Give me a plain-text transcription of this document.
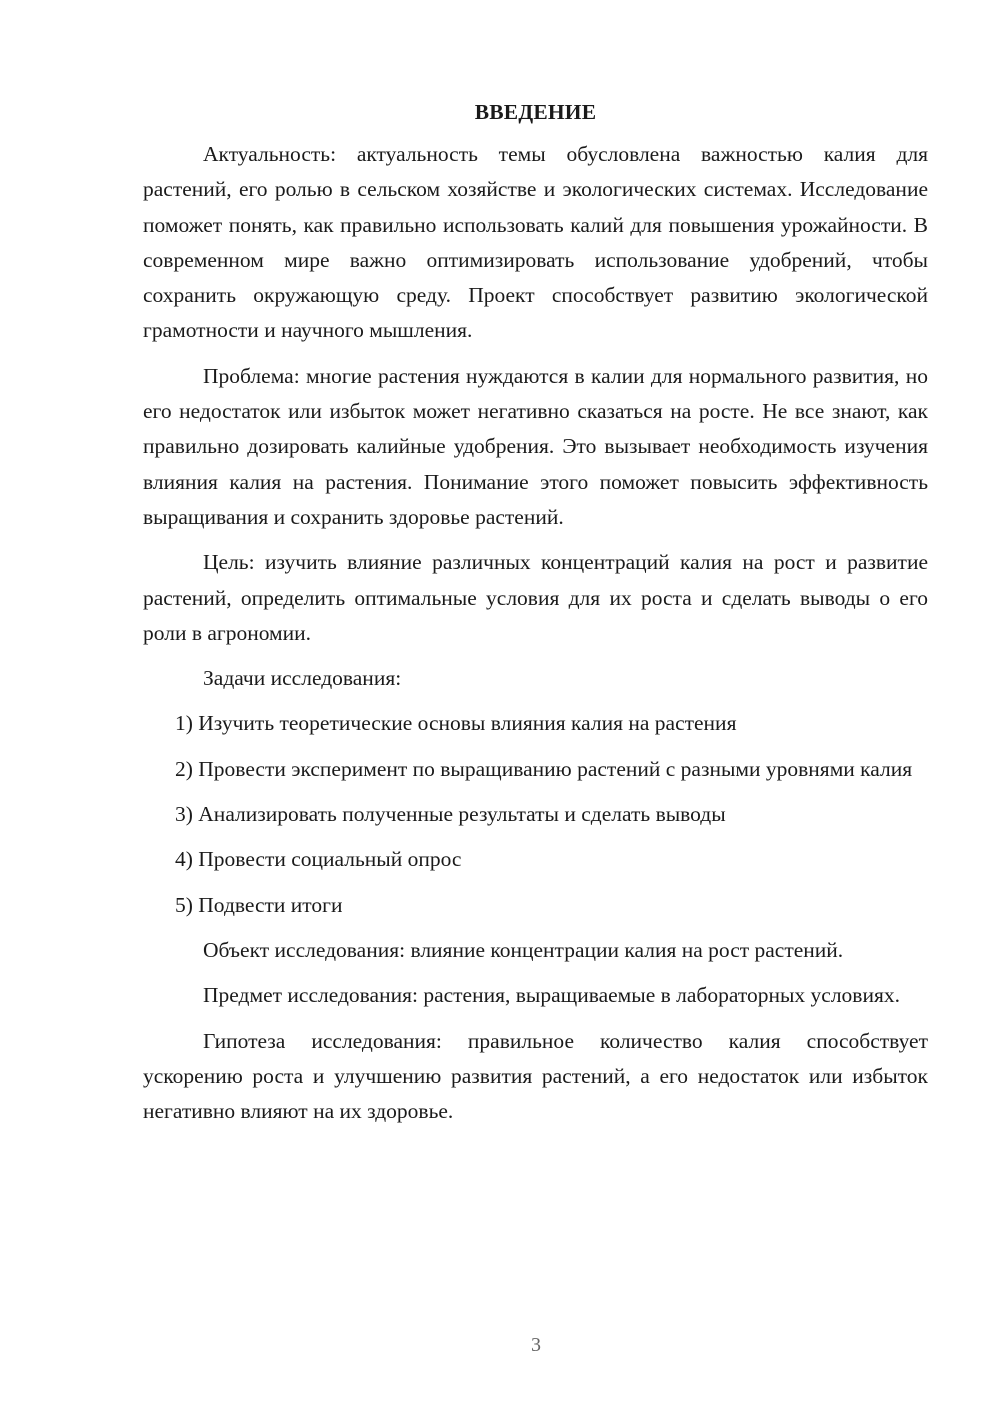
ВВЕДЕНИЕ

Актуальность: актуальность темы обусловлена важностью калия для растений, его ролью в сельском хозяйстве и экологических системах. Исследование поможет понять, как правильно использовать калий для повышения урожайности. В современном мире важно оптимизировать использование удобрений, чтобы сохранить окружающую среду. Проект способствует развитию экологической грамотности и научного мышления.

Проблема: многие растения нуждаются в калии для нормального развития, но его недостаток или избыток может негативно сказаться на росте. Не все знают, как правильно дозировать калийные удобрения. Это вызывает необходимость изучения влияния калия на растения. Понимание этого поможет повысить эффективность выращивания и сохранить здоровье растений.

Цель: изучить влияние различных концентраций калия на рост и развитие растений, определить оптимальные условия для их роста и сделать выводы о его роли в агрономии.

Задачи исследования:

1) Изучить теоретические основы влияния калия на растения

2) Провести эксперимент по выращиванию растений с разными уровнями калия

3) Анализировать полученные результаты и сделать выводы

4) Провести социальный опрос

5) Подвести итоги

Объект исследования: влияние концентрации калия на рост растений.

Предмет исследования: растения, выращиваемые в лабораторных условиях.

Гипотеза исследования: правильное количество калия способствует ускорению роста и улучшению развития растений, а его недостаток или избыток негативно влияют на их здоровье.

3
